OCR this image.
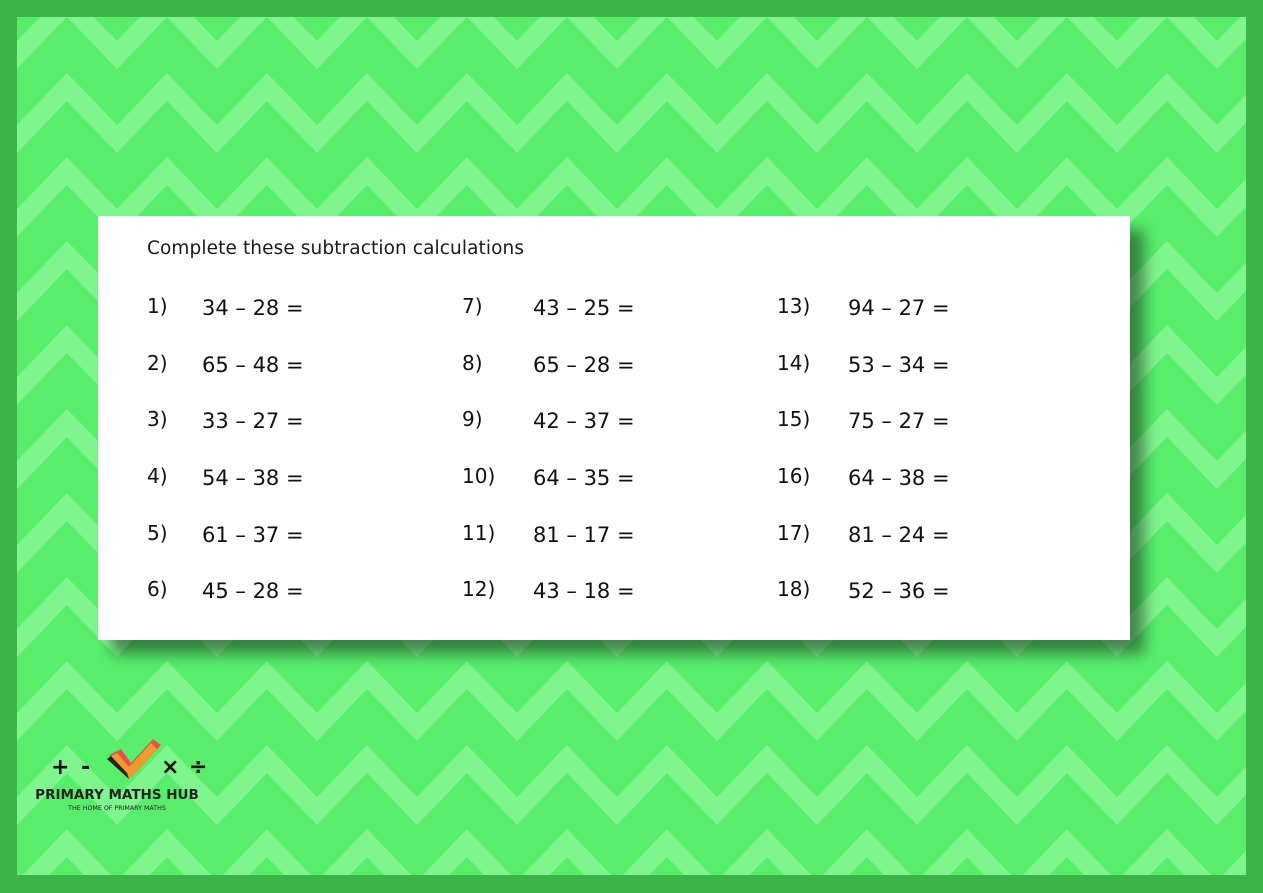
Complete these subtraction calculations
1) 34 – 28 =
2) 65 – 48 =
3) 33 – 27 =
4) 54 – 38 =
5) 61 – 37 =
6) 45 – 28 =
7) 43 – 25 =
8) 65 – 28 =
9) 42 – 37 =
10) 64 – 35 =
11) 81 – 17 =
12) 43 – 18 =
13) 94 – 27 =
14) 53 – 34 =
15) 75 – 27 =
16) 64 – 38 =
17) 81 – 24 =
18) 52 – 36 =
+ -	× ÷
PRIMARY MATHS HUB
THE HOME OF PRIMARY MATHS
